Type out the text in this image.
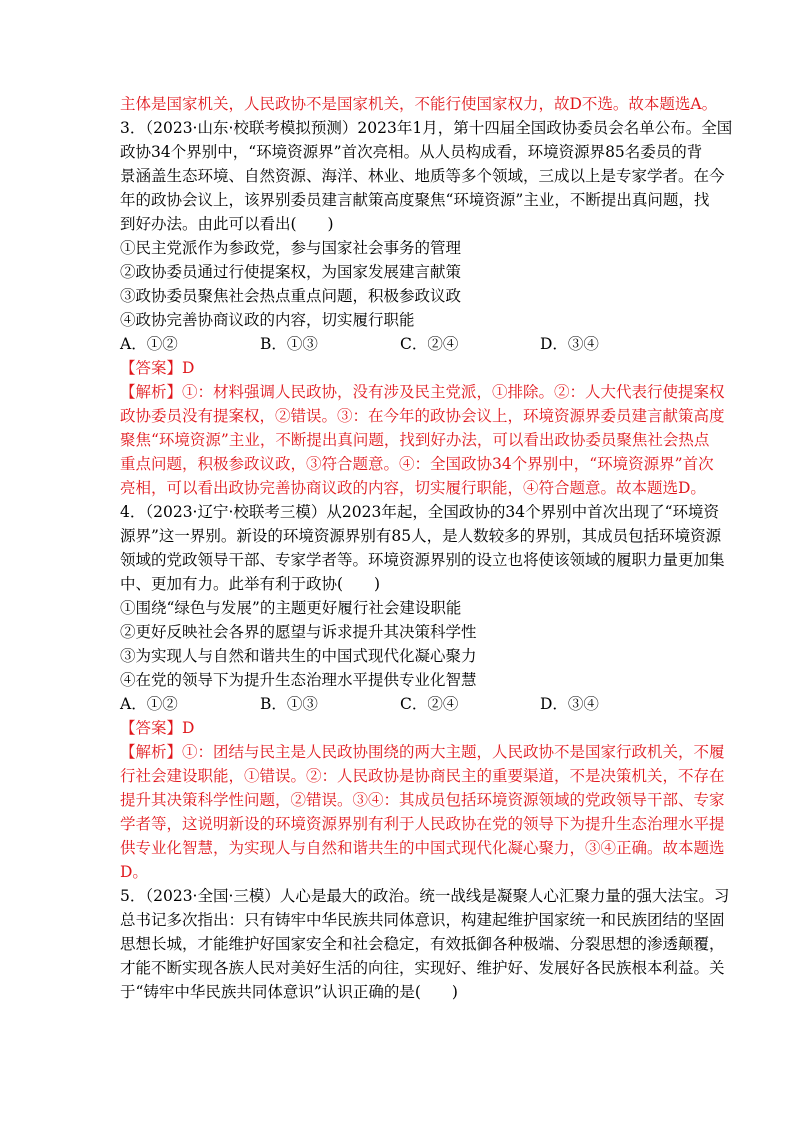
主体是国家机关，人民政协不是国家机关，不能行使国家权力，故D不选。故本题选A。
3．（2023·山东·校联考模拟预测）2023年1月，第十四届全国政协委员会名单公布。全国
政协34个界别中，“环境资源界”首次亮相。从人员构成看，环境资源界85名委员的背
景涵盖生态环境、自然资源、海洋、林业、地质等多个领域，三成以上是专家学者。在今
年的政协会议上，该界别委员建言献策高度聚焦“环境资源”主业，不断提出真问题，找
到好办法。由此可以看出(　　)
①民主党派作为参政党，参与国家社会事务的管理
②政协委员通过行使提案权，为国家发展建言献策
③政协委员聚焦社会热点重点问题，积极参政议政
④政协完善协商议政的内容，切实履行职能
A．①②	B．①③	C．②④	D．③④
【答案】D
【解析】①：材料强调人民政协，没有涉及民主党派，①排除。②：人大代表行使提案权
政协委员没有提案权，②错误。③：在今年的政协会议上，环境资源界委员建言献策高度
聚焦“环境资源”主业，不断提出真问题，找到好办法，可以看出政协委员聚焦社会热点
重点问题，积极参政议政，③符合题意。④：全国政协34个界别中，“环境资源界”首次
亮相，可以看出政协完善协商议政的内容，切实履行职能，④符合题意。故本题选D。
4．（2023·辽宁·校联考三模）从2023年起，全国政协的34个界别中首次出现了“环境资
源界”这一界别。新设的环境资源界别有85人，是人数较多的界别，其成员包括环境资源
领域的党政领导干部、专家学者等。环境资源界别的设立也将使该领域的履职力量更加集
中、更加有力。此举有利于政协(　　)
①围绕“绿色与发展”的主题更好履行社会建设职能
②更好反映社会各界的愿望与诉求提升其决策科学性
③为实现人与自然和谐共生的中国式现代化凝心聚力
④在党的领导下为提升生态治理水平提供专业化智慧
A．①②	B．①③	C．②④	D．③④
【答案】D
【解析】①：团结与民主是人民政协围绕的两大主题，人民政协不是国家行政机关，不履
行社会建设职能，①错误。②：人民政协是协商民主的重要渠道，不是决策机关，不存在
提升其决策科学性问题，②错误。③④：其成员包括环境资源领域的党政领导干部、专家
学者等，这说明新设的环境资源界别有利于人民政协在党的领导下为提升生态治理水平提
供专业化智慧，为实现人与自然和谐共生的中国式现代化凝心聚力，③④正确。故本题选
D。
5．（2023·全国·三模）人心是最大的政治。统一战线是凝聚人心汇聚力量的强大法宝。习
总书记多次指出：只有铸牢中华民族共同体意识，构建起维护国家统一和民族团结的坚固
思想长城，才能维护好国家安全和社会稳定，有效抵御各种极端、分裂思想的渗透颠覆，
才能不断实现各族人民对美好生活的向往，实现好、维护好、发展好各民族根本利益。关
于“铸牢中华民族共同体意识”认识正确的是(　　)
